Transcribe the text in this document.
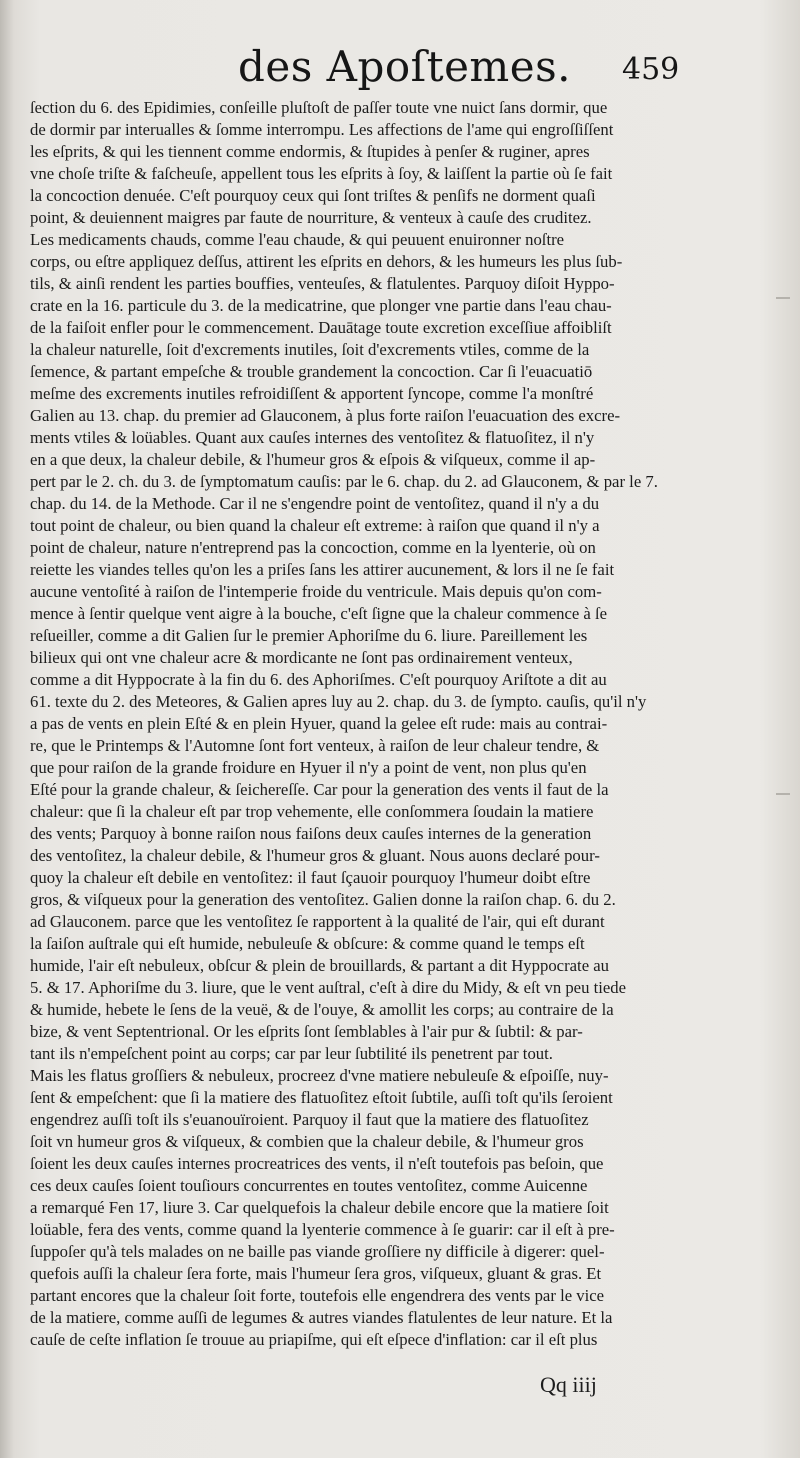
des Apoſtemes. 459
ſection du 6. des Epidimies, conſeille pluſtoſt de paſſer toute vne nuict ſans dormir, que
de dormir par interualles & ſomme interrompu. Les affections de l'ame qui engroſſiſſent
les eſprits, & qui les tiennent comme endormis, & ſtupides à penſer & ruginer, apres
vne choſe triſte & faſcheuſe, appellent tous les eſprits à ſoy, & laiſſent la partie où ſe fait
la concoction denuée. C'eſt pourquoy ceux qui ſont triſtes & penſifs ne dorment quaſi
point, & deuiennent maigres par faute de nourriture, & venteux à cauſe des cruditez.
Les medicaments chauds, comme l'eau chaude, & qui peuuent enuironner noſtre
corps, ou eſtre appliquez deſſus, attirent les eſprits en dehors, & les humeurs les plus ſub-
tils, & ainſi rendent les parties bouffies, venteuſes, & flatulentes. Parquoy diſoit Hyppo-
crate en la 16. particule du 3. de la medicatrine, que plonger vne partie dans l'eau chau-
de la faiſoit enfler pour le commencement. Dauātage toute excretion exceſſiue affoibliſt
la chaleur naturelle, ſoit d'excrements inutiles, ſoit d'excrements vtiles, comme de la
ſemence, & partant empeſche & trouble grandement la concoction. Car ſi l'euacuatiō
meſme des excrements inutiles refroidiſſent & apportent ſyncope, comme l'a monſtré
Galien au 13. chap. du premier ad Glauconem, à plus forte raiſon l'euacuation des excre-
ments vtiles & loüables. Quant aux cauſes internes des ventoſitez & flatuoſitez, il n'y
en a que deux, la chaleur debile, & l'humeur gros & eſpois & viſqueux, comme il ap-
pert par le 2. ch. du 3. de ſymptomatum cauſis: par le 6. chap. du 2. ad Glauconem, & par le 7.
chap. du 14. de la Methode. Car il ne s'engendre point de ventoſitez, quand il n'y a du
tout point de chaleur, ou bien quand la chaleur eſt extreme: à raiſon que quand il n'y a
point de chaleur, nature n'entreprend pas la concoction, comme en la lyenterie, où on
reiette les viandes telles qu'on les a priſes ſans les attirer aucunement, & lors il ne ſe fait
aucune ventoſité à raiſon de l'intemperie froide du ventricule. Mais depuis qu'on com-
mence à ſentir quelque vent aigre à la bouche, c'eſt ſigne que la chaleur commence à ſe
reſueiller, comme a dit Galien ſur le premier Aphoriſme du 6. liure. Pareillement les
bilieux qui ont vne chaleur acre & mordicante ne ſont pas ordinairement venteux,
comme a dit Hyppocrate à la fin du 6. des Aphoriſmes. C'eſt pourquoy Ariſtote a dit au
61. texte du 2. des Meteores, & Galien apres luy au 2. chap. du 3. de ſympto. cauſis, qu'il n'y
a pas de vents en plein Eſté & en plein Hyuer, quand la gelee eſt rude: mais au contrai-
re, que le Printemps & l'Automne ſont fort venteux, à raiſon de leur chaleur tendre, &
que pour raiſon de la grande froidure en Hyuer il n'y a point de vent, non plus qu'en
Eſté pour la grande chaleur, & ſeichereſſe. Car pour la generation des vents il faut de la
chaleur: que ſi la chaleur eſt par trop vehemente, elle conſommera ſoudain la matiere
des vents; Parquoy à bonne raiſon nous faiſons deux cauſes internes de la generation
des ventoſitez, la chaleur debile, & l'humeur gros & gluant. Nous auons declaré pour-
quoy la chaleur eſt debile en ventoſitez: il faut ſçauoir pourquoy l'humeur doibt eſtre
gros, & viſqueux pour la generation des ventoſitez. Galien donne la raiſon chap. 6. du 2.
ad Glauconem. parce que les ventoſitez ſe rapportent à la qualité de l'air, qui eſt durant
la ſaiſon auſtrale qui eſt humide, nebuleuſe & obſcure: & comme quand le temps eſt
humide, l'air eſt nebuleux, obſcur & plein de brouillards, & partant a dit Hyppocrate au
5. & 17. Aphoriſme du 3. liure, que le vent auſtral, c'eſt à dire du Midy, & eſt vn peu tiede
& humide, hebete le ſens de la veuë, & de l'ouye, & amollit les corps; au contraire de la
bize, & vent Septentrional. Or les eſprits ſont ſemblables à l'air pur & ſubtil: & par-
tant ils n'empeſchent point au corps; car par leur ſubtilité ils penetrent par tout.
Mais les flatus groſſiers & nebuleux, procreez d'vne matiere nebuleuſe & eſpoiſſe, nuy-
ſent & empeſchent: que ſi la matiere des flatuoſitez eſtoit ſubtile, auſſi toſt qu'ils ſeroient
engendrez auſſi toſt ils s'euanouïroient. Parquoy il faut que la matiere des flatuoſitez
ſoit vn humeur gros & viſqueux, & combien que la chaleur debile, & l'humeur gros
ſoient les deux cauſes internes procreatrices des vents, il n'eſt toutefois pas beſoin, que
ces deux cauſes ſoient touſiours concurrentes en toutes ventoſitez, comme Auicenne
a remarqué Fen 17, liure 3. Car quelquefois la chaleur debile encore que la matiere ſoit
loüable, fera des vents, comme quand la lyenterie commence à ſe guarir: car il eſt à pre-
ſuppoſer qu'à tels malades on ne baille pas viande groſſiere ny difficile à digerer: quel-
quefois auſſi la chaleur ſera forte, mais l'humeur ſera gros, viſqueux, gluant & gras. Et
partant encores que la chaleur ſoit forte, toutefois elle engendrera des vents par le vice
de la matiere, comme auſſi de legumes & autres viandes flatulentes de leur nature. Et la
cauſe de ceſte inflation ſe trouue au priapiſme, qui eſt eſpece d'inflation: car il eſt plus
Qq iiij
